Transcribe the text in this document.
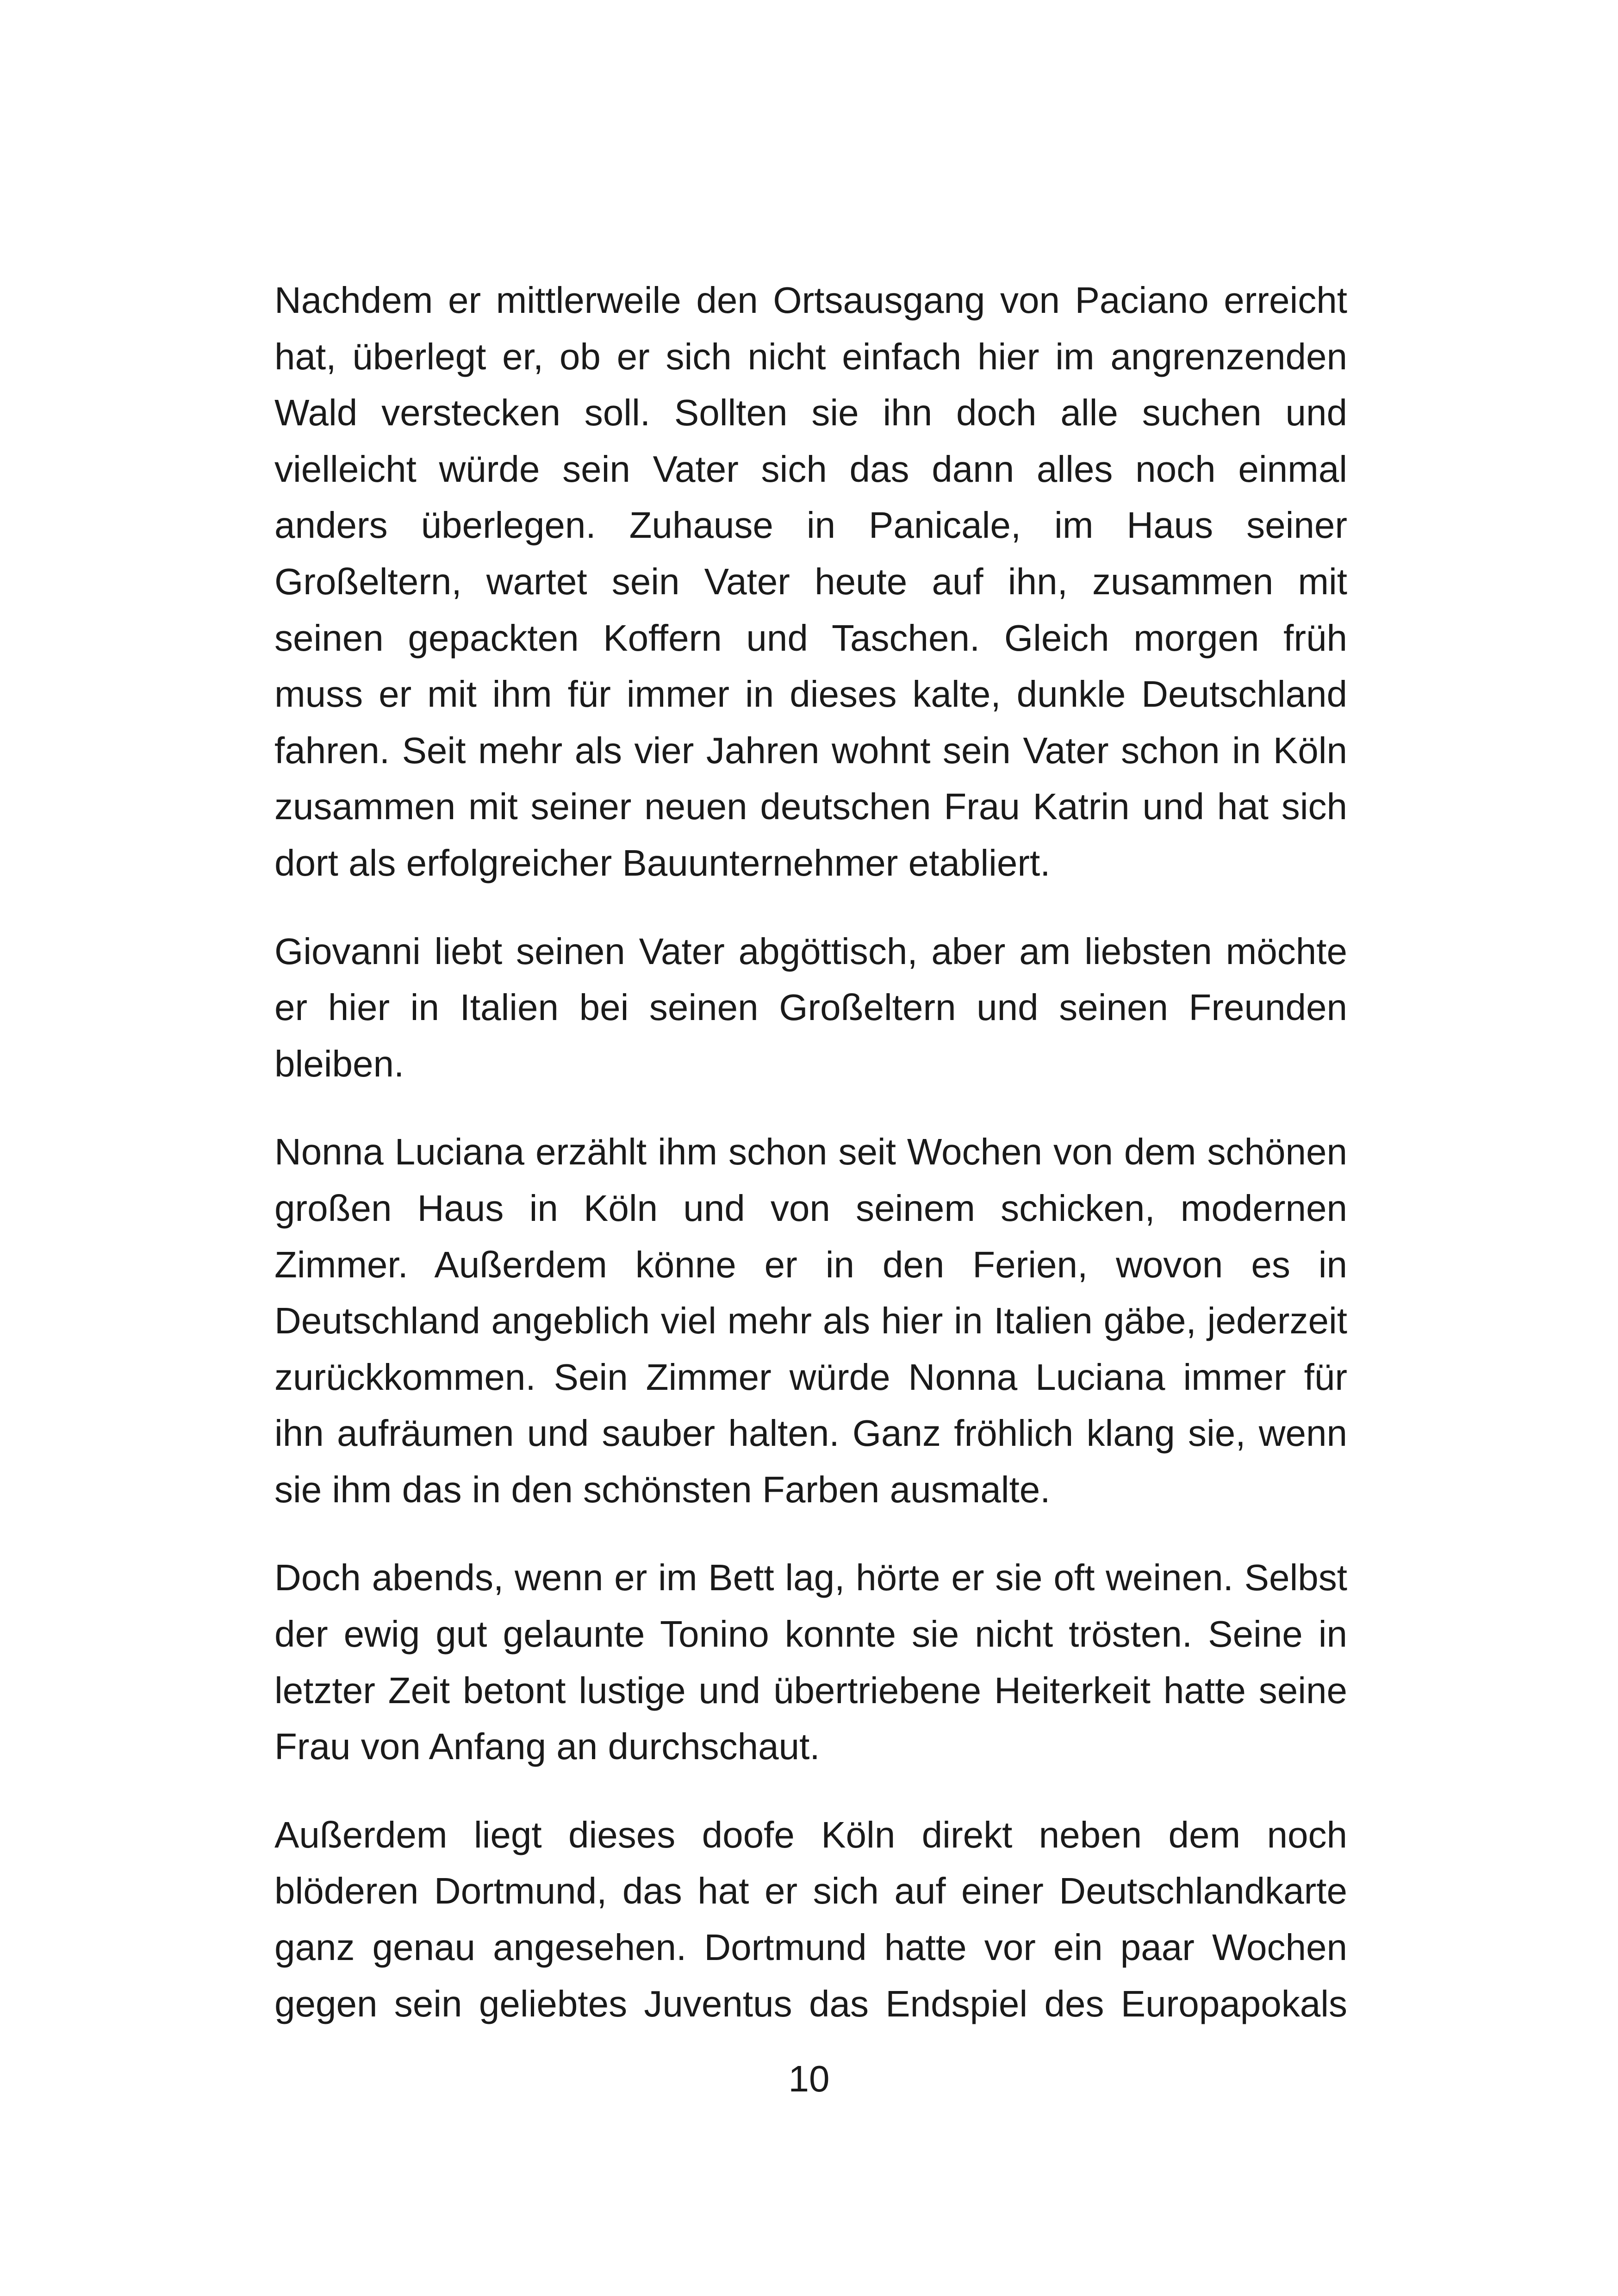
Nachdem er mittlerweile den Ortsausgang von Paciano erreicht hat, überlegt er, ob er sich nicht einfach hier im angrenzenden Wald verstecken soll. Sollten sie ihn doch alle suchen und vielleicht würde sein Vater sich das dann alles noch einmal anders überlegen. Zuhause in Panicale, im Haus seiner Großeltern, wartet sein Vater heute auf ihn, zusammen mit seinen gepackten Koffern und Taschen. Gleich morgen früh muss er mit ihm für immer in dieses kalte, dunkle Deutschland fahren. Seit mehr als vier Jahren wohnt sein Vater schon in Köln zusammen mit seiner neuen deutschen Frau Katrin und hat sich dort als erfolgreicher Bauunternehmer etabliert.

Giovanni liebt seinen Vater abgöttisch, aber am liebsten möchte er hier in Italien bei seinen Großeltern und seinen Freunden bleiben.

Nonna Luciana erzählt ihm schon seit Wochen von dem schönen großen Haus in Köln und von seinem schicken, modernen Zimmer. Außerdem könne er in den Ferien, wovon es in Deutschland angeblich viel mehr als hier in Italien gäbe, jederzeit zurückkommen. Sein Zimmer würde Nonna Luciana immer für ihn aufräumen und sauber halten. Ganz fröhlich klang sie, wenn sie ihm das in den schönsten Farben ausmalte.

Doch abends, wenn er im Bett lag, hörte er sie oft weinen. Selbst der ewig gut gelaunte Tonino konnte sie nicht trösten. Seine in letzter Zeit betont lustige und übertriebene Heiterkeit hatte seine Frau von Anfang an durchschaut.

Außerdem liegt dieses doofe Köln direkt neben dem noch blöderen Dortmund, das hat er sich auf einer Deutschlandkarte ganz genau angesehen. Dortmund hatte vor ein paar Wochen gegen sein geliebtes Juventus das Endspiel des Europapokals

10
